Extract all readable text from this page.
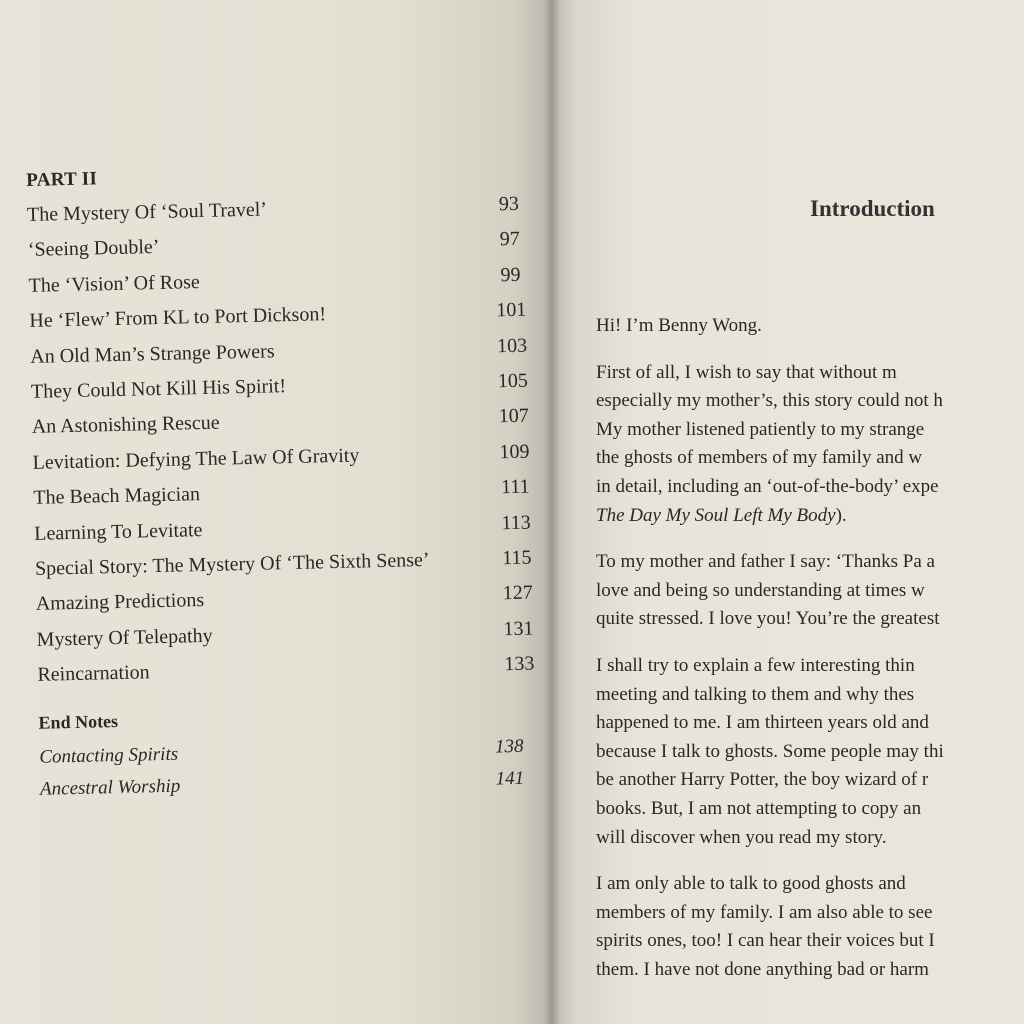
PART II
The Mystery Of ‘Soul Travel’	93
‘Seeing Double’	97
The ‘Vision’ Of Rose	99
He ‘Flew’ From KL to Port Dickson!	101
An Old Man’s Strange Powers	103
They Could Not Kill His Spirit!	105
An Astonishing Rescue	107
Levitation: Defying The Law Of Gravity	109
The Beach Magician	111
Learning To Levitate	113
Special Story: The Mystery Of ‘The Sixth Sense’	115
Amazing Predictions	127
Mystery Of Telepathy	131
Reincarnation	133
End Notes
Contacting Spirits	138
Ancestral Worship	141
Introduction
Hi! I’m Benny Wong.
First of all, I wish to say that without m
especially my mother’s, this story could not h
My mother listened patiently to my strange
the ghosts of members of my family and w
in detail, including an ‘out-of-the-body’ expe
The Day My Soul Left My Body).
To my mother and father I say: ‘Thanks Pa a
love and being so understanding at times w
quite stressed. I love you! You’re the greatest
I shall try to explain a few interesting thin
meeting and talking to them and why thes
happened to me. I am thirteen years old and
because I talk to ghosts. Some people may thi
be another Harry Potter, the boy wizard of r
books. But, I am not attempting to copy an
will discover when you read my story.
I am only able to talk to good ghosts and
members of my family. I am also able to see
spirits ones, too! I can hear their voices but I
them. I have not done anything bad or harm
